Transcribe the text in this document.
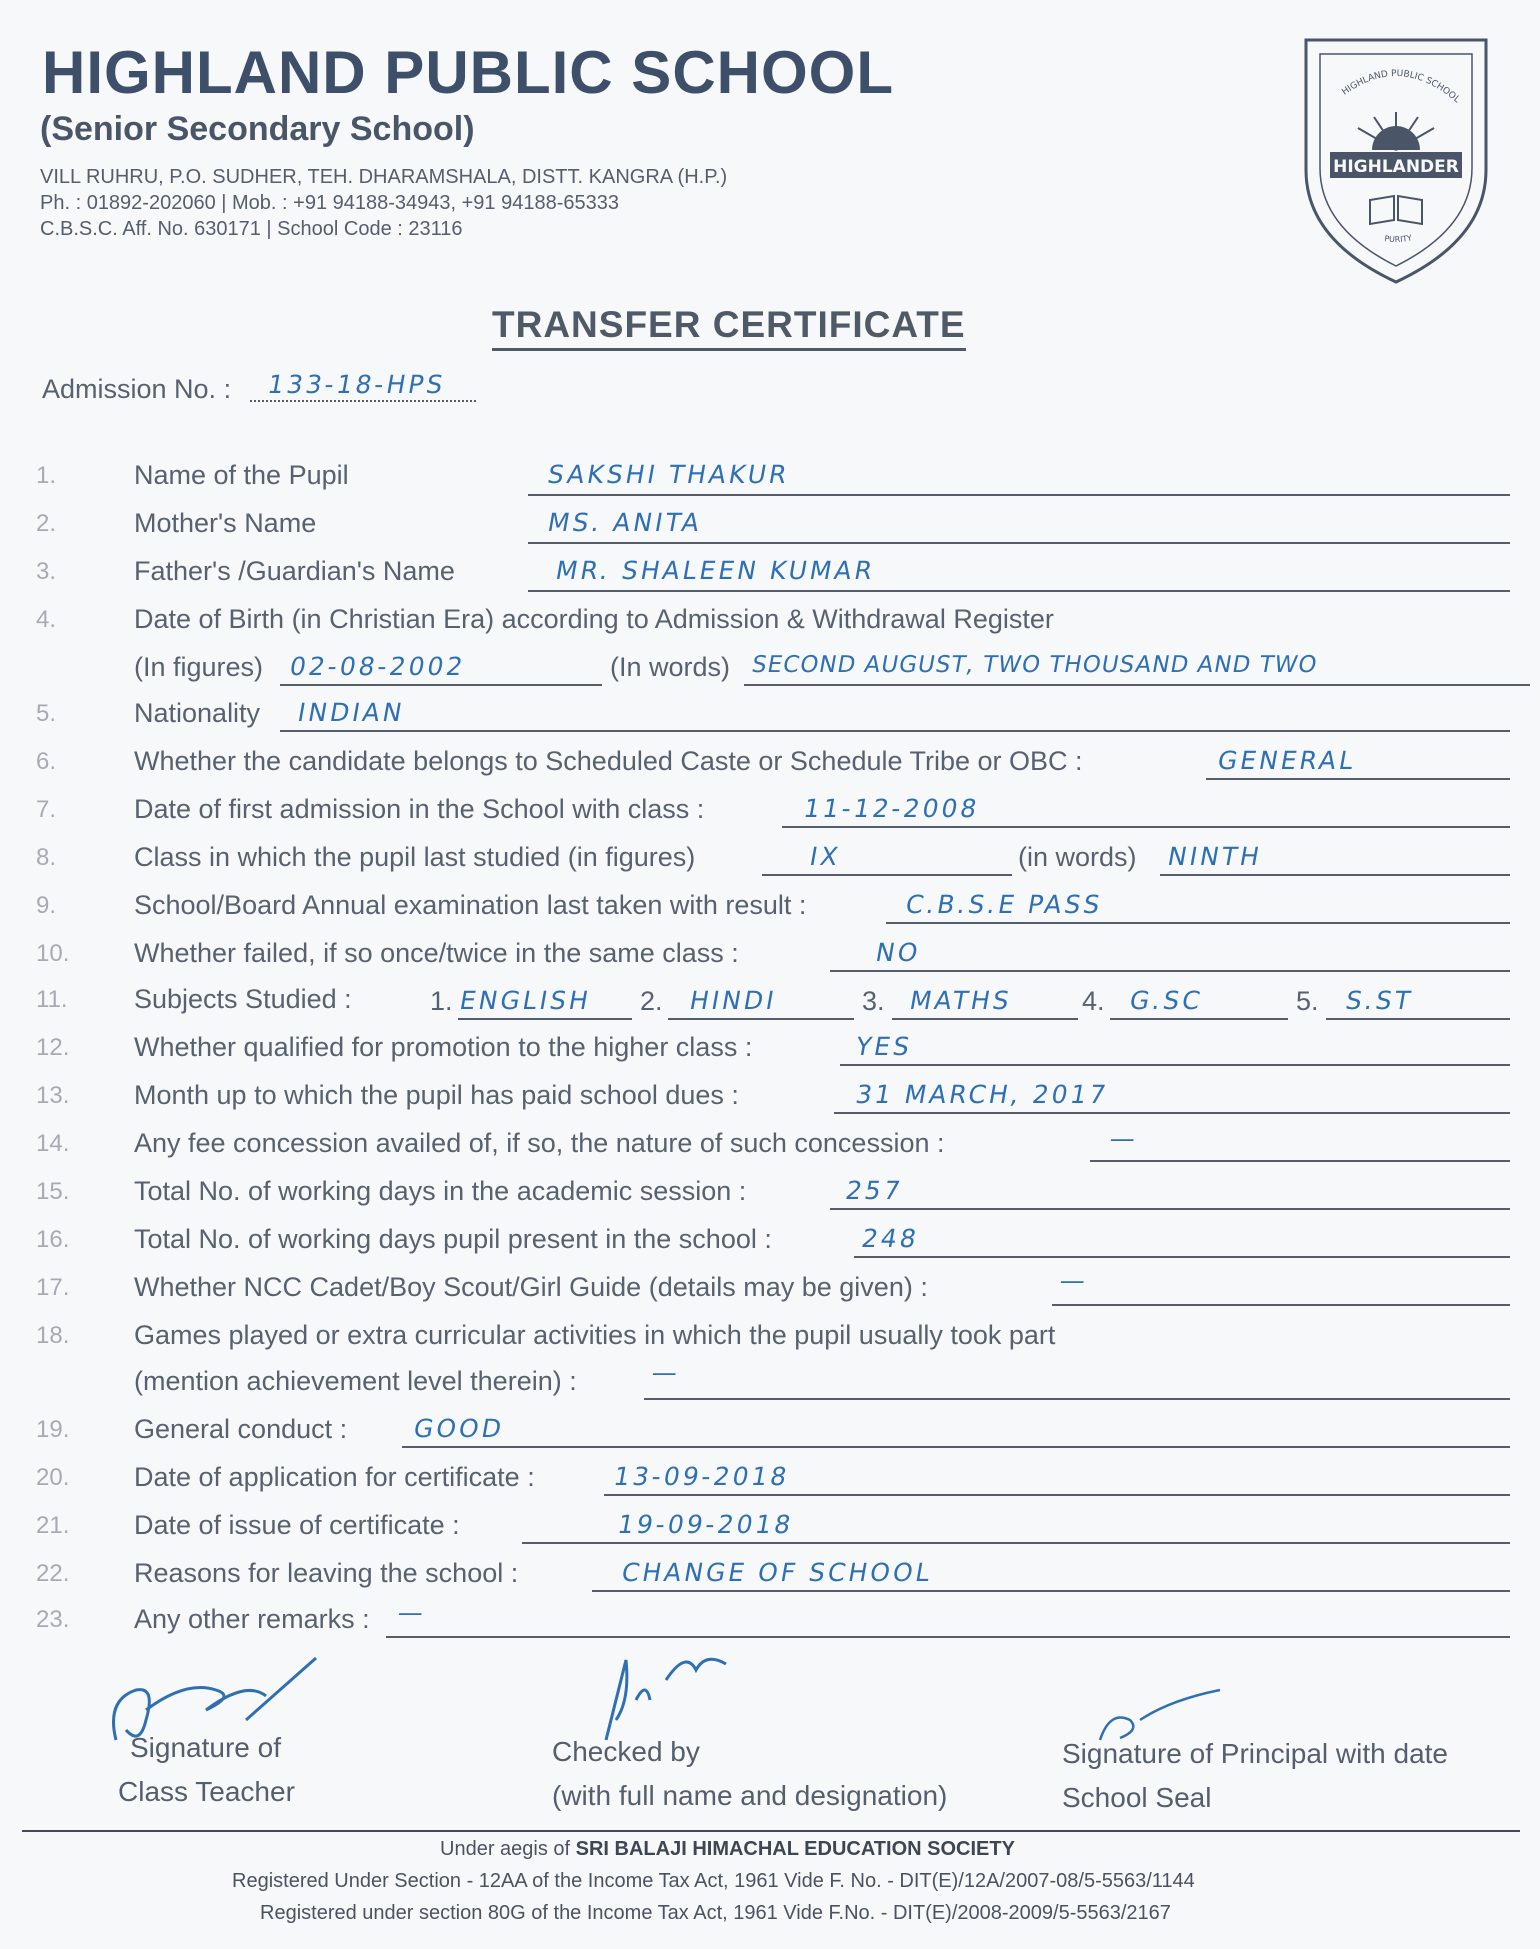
HIGHLAND PUBLIC SCHOOL
(Senior Secondary School)
VILL RUHRU, P.O. SUDHER, TEH. DHARAMSHALA, DISTT. KANGRA (H.P.)
Ph. : 01892-202060 | Mob. : +91 94188-34943, +91 94188-65333
C.B.S.C. Aff. No. 630171 | School Code : 23116
HIGHLAND PUBLIC SCHOOL
HIGHLANDER
PURITY
TRANSFER CERTIFICATE
Admission No. : 133-18-HPS
1.	Name of the Pupil	SAKSHI THAKUR
2.	Mother's Name	MS. ANITA
3.	Father's /Guardian's Name	MR. SHALEEN KUMAR
4.	Date of Birth (in Christian Era) according to Admission & Withdrawal Register
(In figures) 02-08-2002	(In words) SECOND AUGUST, TWO THOUSAND AND TWO
5.	Nationality INDIAN
6.	Whether the candidate belongs to Scheduled Caste or Schedule Tribe or OBC :	GENERAL
7.	Date of first admission in the School with class :	11-12-2008
8.	Class in which the pupil last studied (in figures)	IX	(in words) NINTH
9.	School/Board Annual examination last taken with result :	C.B.S.E PASS
10. Whether failed, if so once/twice in the same class :	NO
11. Subjects Studied :	1. ENGLISH 2. HINDI	3. MATHS	4. G.SC	5. S.ST
12. Whether qualified for promotion to the higher class :	YES
13. Month up to which the pupil has paid school dues :	31 MARCH, 2017
14. Any fee concession availed of, if so, the nature of such concession :	—
15. Total No. of working days in the academic session :	257
16. Total No. of working days pupil present in the school :	248
17. Whether NCC Cadet/Boy Scout/Girl Guide (details may be given) :	—
18. Games played or extra curricular activities in which the pupil usually took part
(mention achievement level therein) :	—
19. General conduct :	GOOD
20. Date of application for certificate :	13-09-2018
21. Date of issue of certificate :	19-09-2018
22. Reasons for leaving the school :	CHANGE OF SCHOOL
23. Any other remarks : —
Signature of
Class Teacher
Checked by
(with full name and designation)
Signature of Principal with date
School Seal
Under aegis of SRI BALAJI HIMACHAL EDUCATION SOCIETY
Registered Under Section - 12AA of the Income Tax Act, 1961 Vide F. No. - DIT(E)/12A/2007-08/5-5563/1144
Registered under section 80G of the Income Tax Act, 1961 Vide F.No. - DIT(E)/2008-2009/5-5563/2167
